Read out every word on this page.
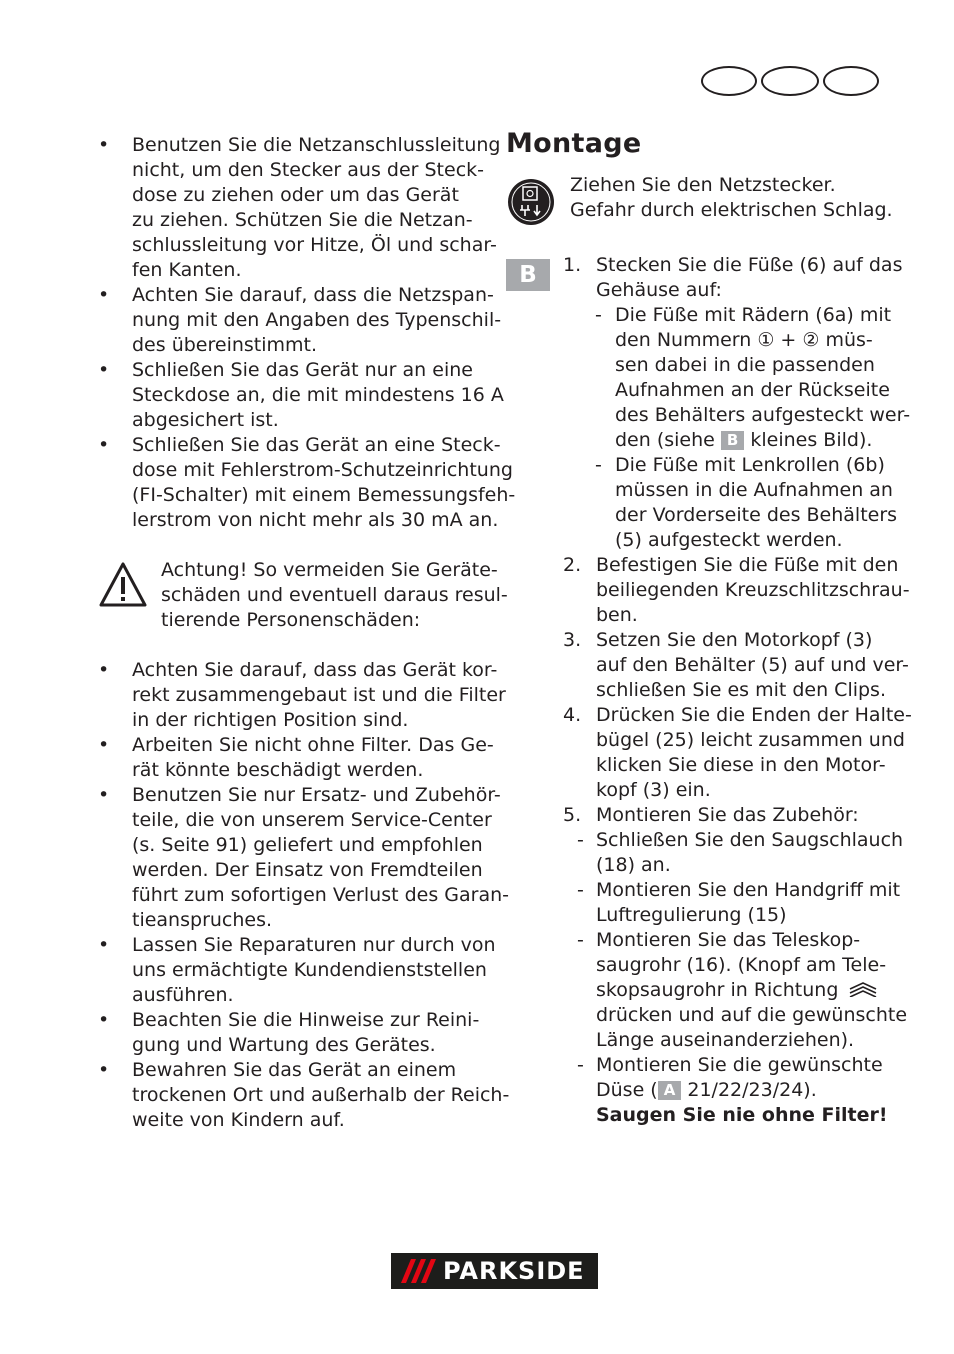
• Benutzen Sie die Netzanschlussleitung
nicht, um den Stecker aus der Steck-
dose zu ziehen oder um das Gerät
zu ziehen. Schützen Sie die Netzan-
schlussleitung vor Hitze, Öl und schar-
fen Kanten.
• Achten Sie darauf, dass die Netzspan-
nung mit den Angaben des Typenschil-
des übereinstimmt.
• Schließen Sie das Gerät nur an eine
Steckdose an, die mit mindestens 16 A
abgesichert ist.
• Schließen Sie das Gerät an eine Steck-
dose mit Fehlerstrom-Schutzeinrichtung
(FI-Schalter) mit einem Bemessungsfeh-
lerstrom von nicht mehr als 30 mA an.
Achtung! So vermeiden Sie Geräte-
schäden und eventuell daraus resul-
tierende Personenschäden:
• Achten Sie darauf, dass das Gerät kor-
rekt zusammengebaut ist und die Filter
in der richtigen Position sind.
• Arbeiten Sie nicht ohne Filter. Das Ge-
rät könnte beschädigt werden.
• Benutzen Sie nur Ersatz- und Zubehör-
teile, die von unserem Service-Center
(s. Seite 91) geliefert und empfohlen
werden. Der Einsatz von Fremdteilen
führt zum sofortigen Verlust des Garan-
tieanspruches.
• Lassen Sie Reparaturen nur durch von
uns ermächtigte Kundendienststellen
ausführen.
• Beachten Sie die Hinweise zur Reini-
gung und Wartung des Gerätes.
• Bewahren Sie das Gerät an einem
trockenen Ort und außerhalb der Reich-
weite von Kindern auf.
Montage
Ziehen Sie den Netzstecker.
Gefahr durch elektrischen Schlag.
B	1. Stecken Sie die Füße (6) auf das
Gehäuse auf:
- Die Füße mit Rädern (6a) mit
den Nummern ① + ② müs-
sen dabei in die passenden
Aufnahmen an der Rückseite
des Behälters aufgesteckt wer-
den (siehe B kleines Bild).
- Die Füße mit Lenkrollen (6b)
müssen in die Aufnahmen an
der Vorderseite des Behälters
(5) aufgesteckt werden.
2. Befestigen Sie die Füße mit den
beiliegenden Kreuzschlitzschrau-
ben.
3. Setzen Sie den Motorkopf (3)
auf den Behälter (5) auf und ver-
schließen Sie es mit den Clips.
4. Drücken Sie die Enden der Halte-
bügel (25) leicht zusammen und
klicken Sie diese in den Motor-
kopf (3) ein.
5. Montieren Sie das Zubehör:
- Schließen Sie den Saugschlauch
(18) an.
- Montieren Sie den Handgriff mit
Luftregulierung (15)
- Montieren Sie das Teleskop-
saugrohr (16). (Knopf am Tele-
skopsaugrohr in Richtung
drücken und auf die gewünschte
Länge auseinanderziehen).
- Montieren Sie die gewünschte
Düse ( A 21/22/23/24).
Saugen Sie nie ohne Filter!
PARKSIDE
